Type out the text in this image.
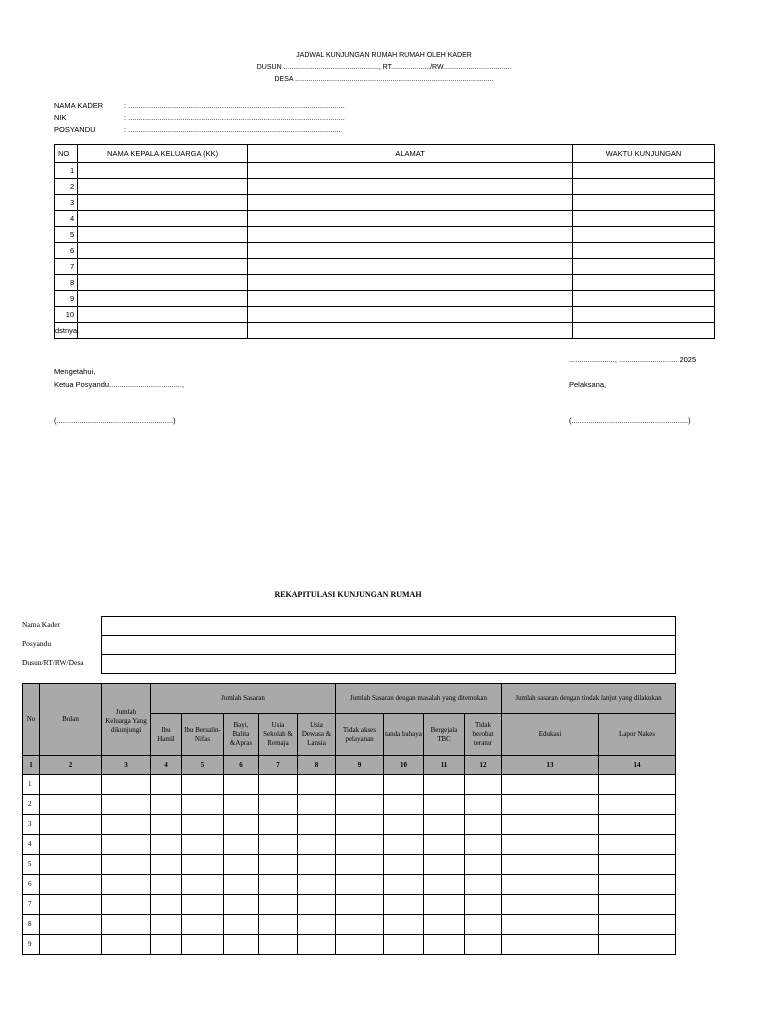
JADWAL KUNJUNGAN RUMAH RUMAH OLEH KADER
DUSUN ................................................., RT..................../RW...................................
DESA ......................................................................................................
NAMA KADER	: ........................................................................................................
NIK	: ........................................................................................................
POSYANDU	: ......................................................................................................
NO	NAMA KEPALA KELUARGA (KK)	ALAMAT	WAKTU KUNJUNGAN
1			
2			
3			
4			
5			
6			
7			
8			
9			
10			
dstnya			
......................, ............................ 2025
Mengetahui,
Ketua Posyandu...................................,	Pelaksana,
(........................................................)	(........................................................)
REKAPITULASI KUNJUNGAN RUMAH
Nama Kader
Posyandu
Dusun/RT/RW/Desa
No	Bulan	Jumlah Keluarga Yang dikunjungi	Jumlah Sasaran					Jumlah Sasaran dengan masalah yang ditemukan				Jumlah sasaran dengan tindak lanjut yang dilakukan	
			Ibu Hamil	Ibu Bersalin-Nifas	Bayi, Balita &Apras	Usia Sekolah & Remaja	Usia Dewasa & Lansia	Tidak akses pelayanan	tanda bahaya	Bergejala TBC	Tidak berobat teratur	Edukasi	Lapor Nakes
1	2	3	4	5	6	7	8	9	10	11	12	13	14
1													
2													
3													
4													
5													
6													
7													
8													
9													
